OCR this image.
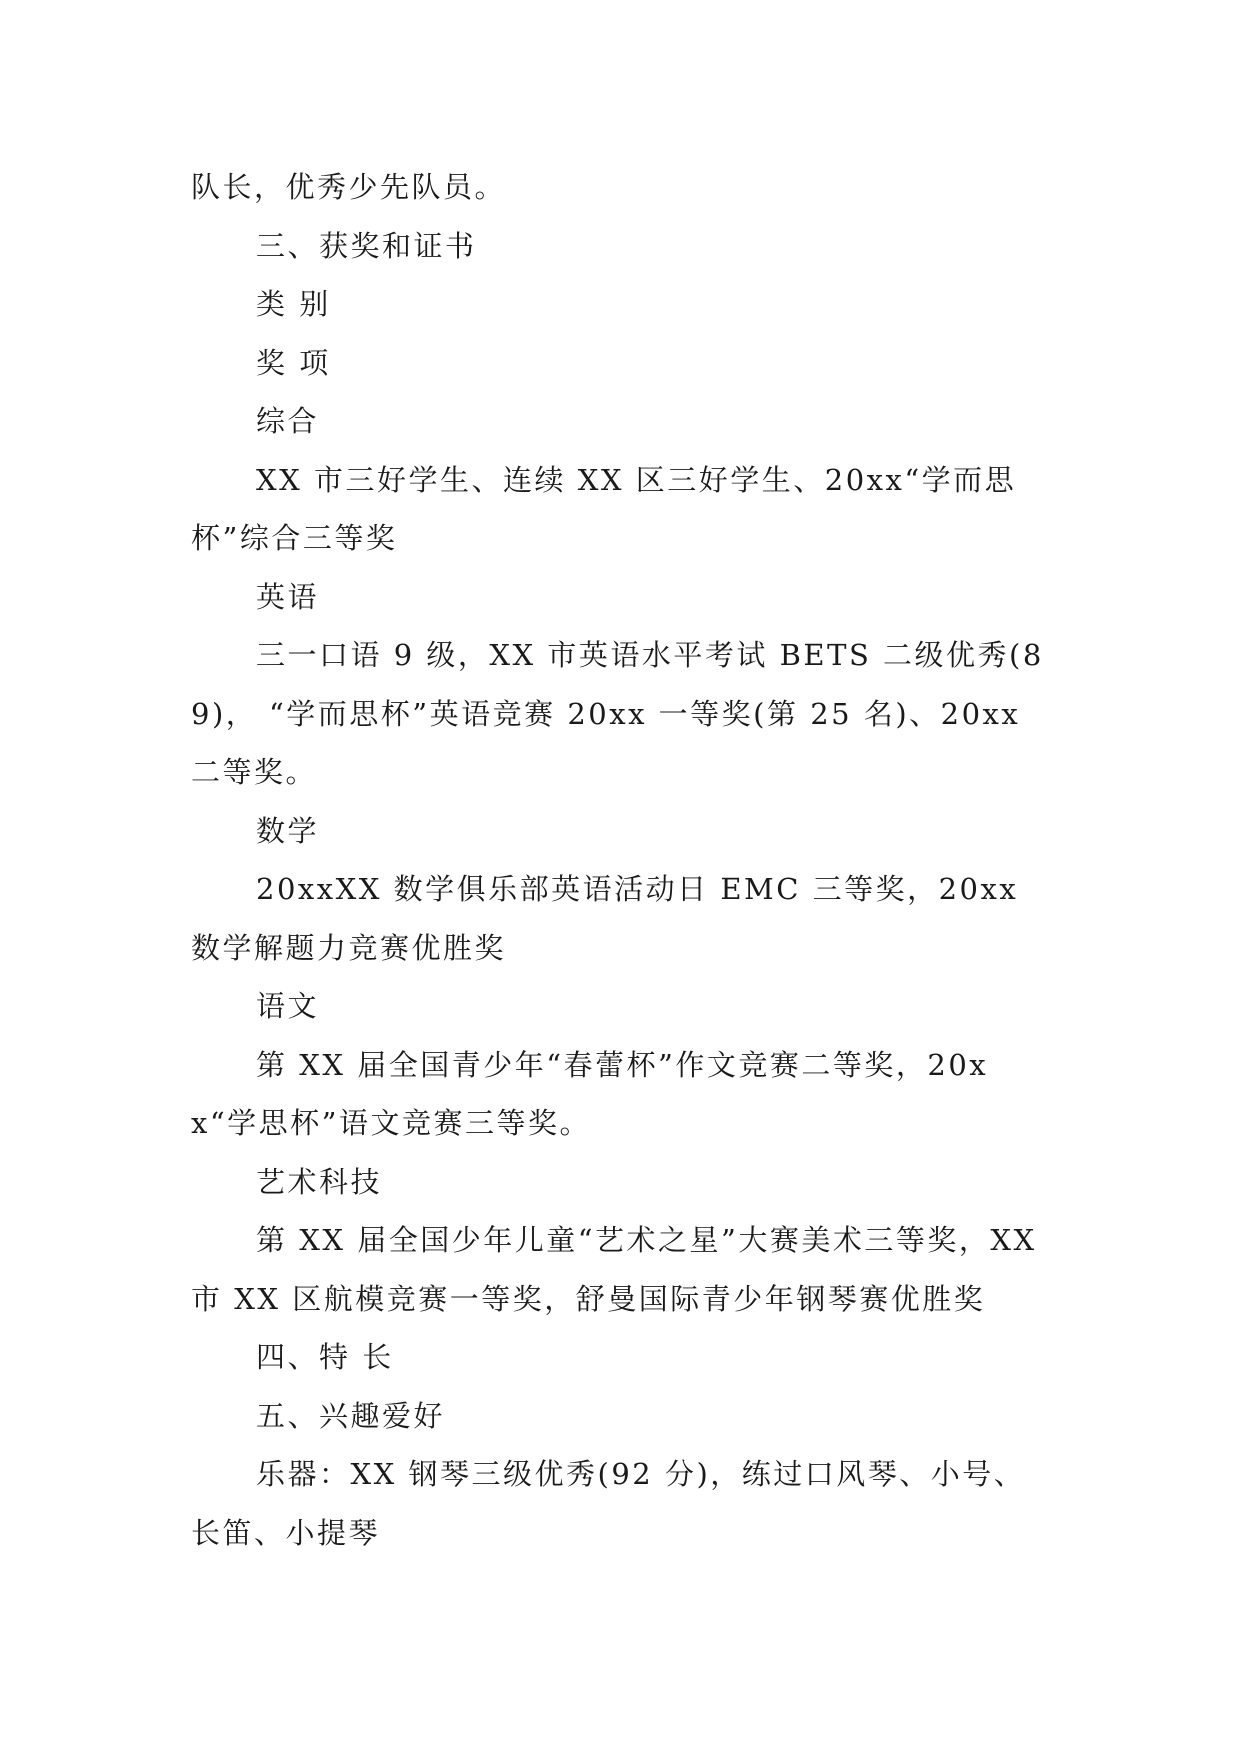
队长，优秀少先队员。

三、获奖和证书

类 别

奖 项

综合

XX 市三好学生、连续 XX 区三好学生、20xx“学而思杯”综合三等奖

英语

三一口语 9 级，XX 市英语水平考试 BETS 二级优秀(89)， “学而思杯”英语竞赛 20xx 一等奖(第 25 名)、20xx 二等奖。

数学

20xxXX 数学俱乐部英语活动日 EMC 三等奖，20xx 数学解题力竞赛优胜奖

语文

第 XX 届全国青少年“春蕾杯”作文竞赛二等奖，20xx“学思杯”语文竞赛三等奖。

艺术科技

第 XX 届全国少年儿童“艺术之星”大赛美术三等奖，XX 市 XX 区航模竞赛一等奖，舒曼国际青少年钢琴赛优胜奖

四、特 长

五、兴趣爱好

乐器：XX 钢琴三级优秀(92 分)，练过口风琴、小号、长笛、小提琴
